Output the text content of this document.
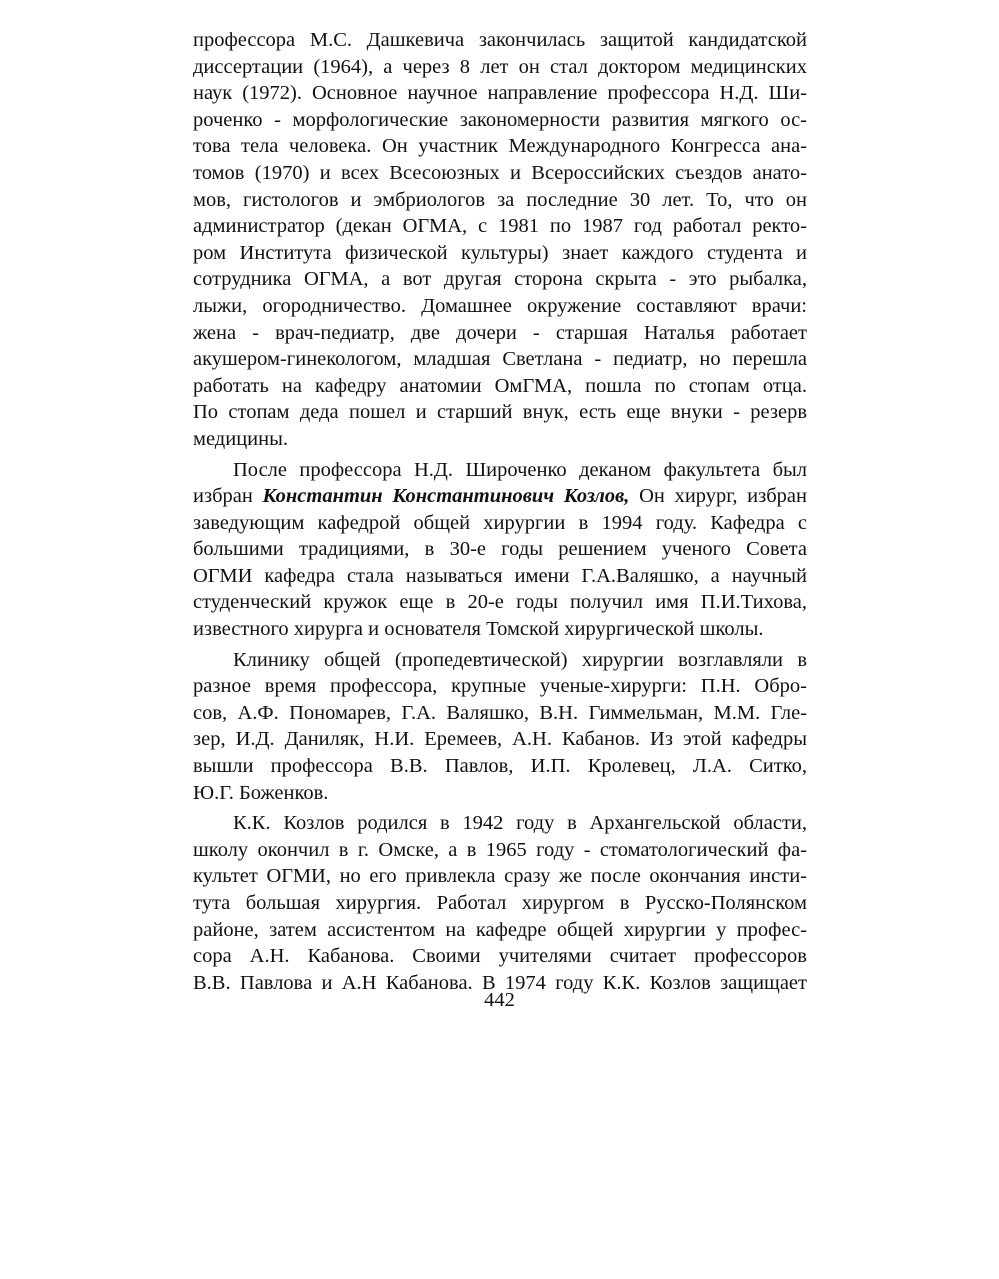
профессора М.С. Дашкевича закончилась защитой кандидатской
диссертации (1964), а через 8 лет он стал доктором медицинских
наук (1972). Основное научное направление профессора Н.Д. Ши-
роченко - морфологические закономерности развития мягкого ос-
това тела человека. Он участник Международного Конгресса ана-
томов (1970) и всех Всесоюзных и Всероссийских съездов анато-
мов, гистологов и эмбриологов за последние 30 лет. То, что он
администратор (декан ОГМА, с 1981 по 1987 год работал ректо-
ром Института физической культуры) знает каждого студента и
сотрудника ОГМА, а вот другая сторона скрыта - это рыбалка,
лыжи, огородничество. Домашнее окружение составляют врачи:
жена - врач-педиатр, две дочери - старшая Наталья работает
акушером-гинекологом, младшая Светлана - педиатр, но перешла
работать на кафедру анатомии ОмГМА, пошла по стопам отца.
По стопам деда пошел и старший внук, есть еще внуки - резерв
медицины.
После профессора Н.Д. Широченко деканом факультета был
избран Константин Константинович Козлов, Он хирург, избран
заведующим кафедрой общей хирургии в 1994 году. Кафедра с
большими традициями, в 30-е годы решением ученого Совета
ОГМИ кафедра стала называться имени Г.А.Валяшко, а научный
студенческий кружок еще в 20-е годы получил имя П.И.Тихова,
известного хирурга и основателя Томской хирургической школы.
Клинику общей (пропедевтической) хирургии возглавляли в
разное время профессора, крупные ученые-хирурги: П.Н. Обро-
сов, А.Ф. Пономарев, Г.А. Валяшко, В.Н. Гиммельман, М.М. Гле-
зер, И.Д. Даниляк, Н.И. Еремеев, А.Н. Кабанов. Из этой кафедры
вышли профессора В.В. Павлов, И.П. Кролевец, Л.А. Ситко,
Ю.Г. Боженков.
К.К. Козлов родился в 1942 году в Архангельской области,
школу окончил в г. Омске, а в 1965 году - стоматологический фа-
культет ОГМИ, но его привлекла сразу же после окончания инсти-
тута большая хирургия. Работал хирургом в Русско-Полянском
районе, затем ассистентом на кафедре общей хирургии у профес-
сора А.Н. Кабанова. Своими учителями считает профессоров
В.В. Павлова и А.Н Кабанова. В 1974 году К.К. Козлов защищает
442
